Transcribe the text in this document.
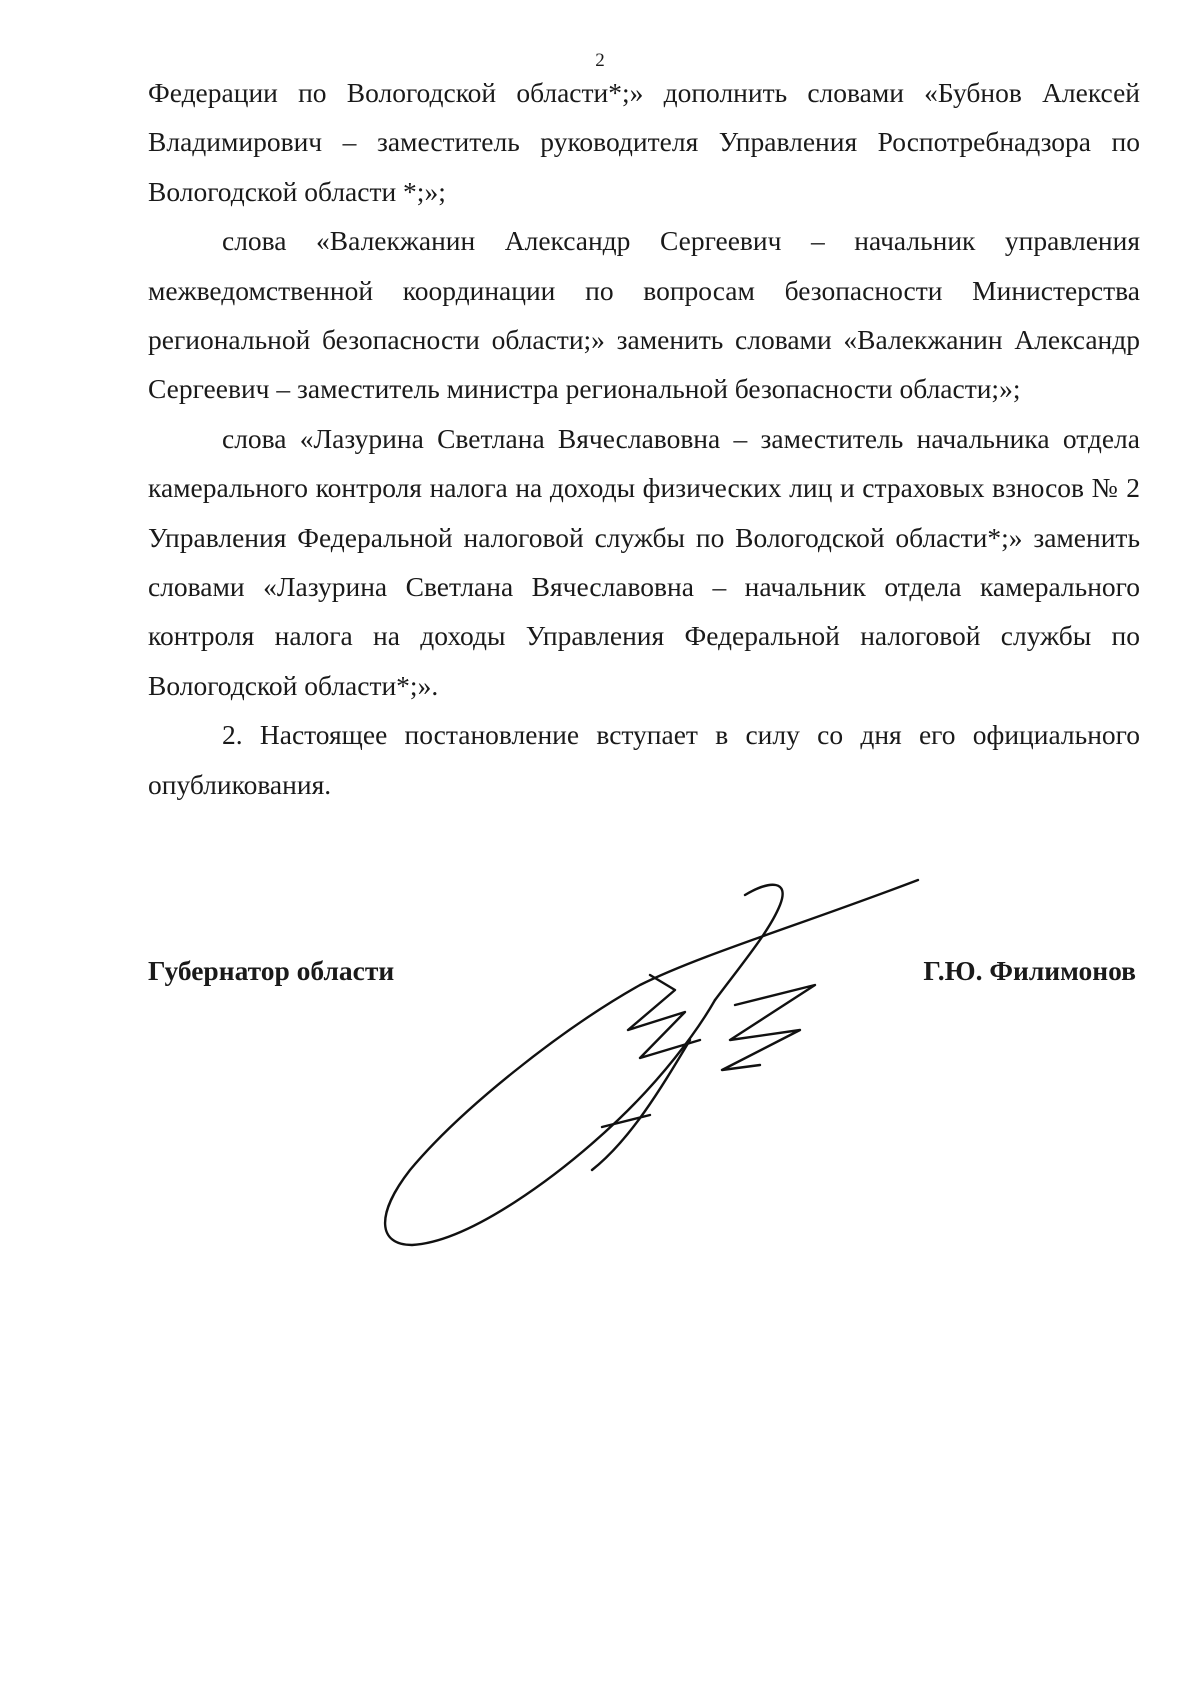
2

Федерации по Вологодской области*;» дополнить словами «Бубнов Алексей Владимирович – заместитель руководителя Управления Роспотребнадзора по Вологодской области *;»;

слова «Валекжанин Александр Сергеевич – начальник управления межведомственной координации по вопросам безопасности Министерства региональной безопасности области;» заменить словами «Валекжанин Александр Сергеевич – заместитель министра региональной безопасности области;»;

слова «Лазурина Светлана Вячеславовна – заместитель начальника отдела камерального контроля налога на доходы физических лиц и страховых взносов № 2 Управления Федеральной налоговой службы по Вологодской области*;» заменить словами «Лазурина Светлана Вячеславовна – начальник отдела камерального контроля налога на доходы Управления Федеральной налоговой службы по Вологодской области*;».

2. Настоящее постановление вступает в силу со дня его официального опубликования.

Губернатор области	Г.Ю. Филимонов
